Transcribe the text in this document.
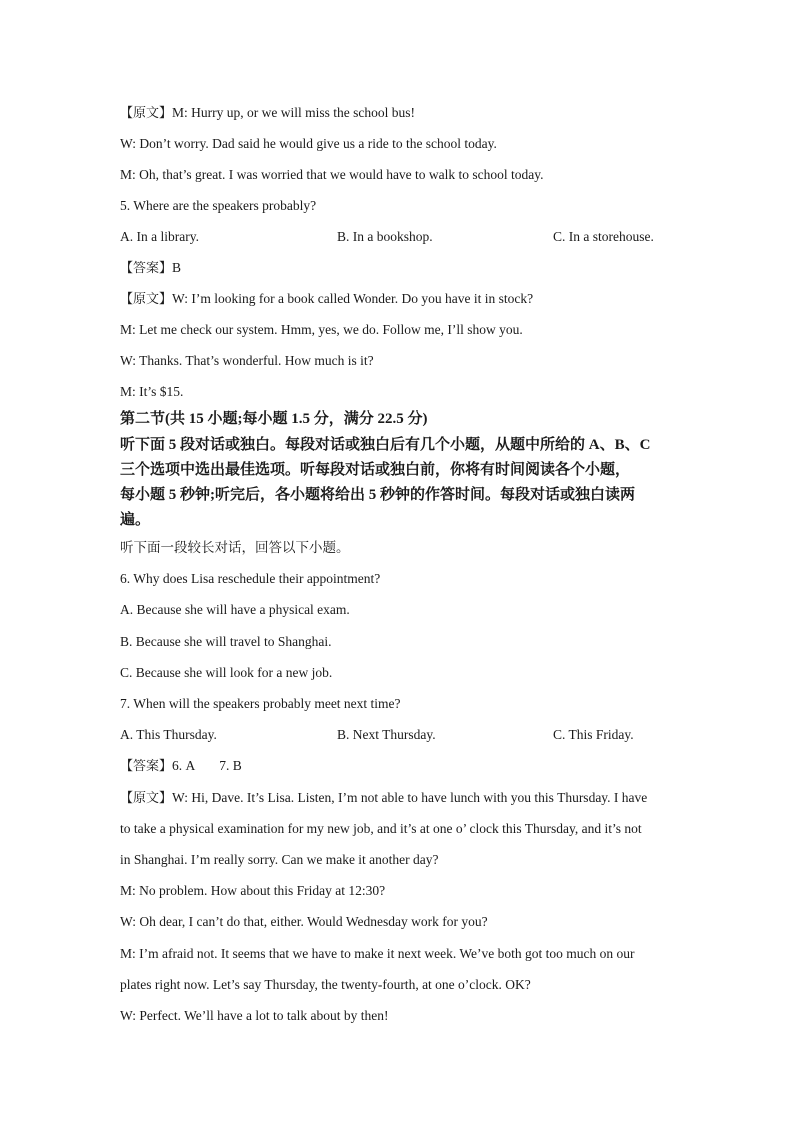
【原文】M: Hurry up, or we will miss the school bus!
W: Don’t worry. Dad said he would give us a ride to the school today.
M: Oh, that’s great. I was worried that we would have to walk to school today.
5. Where are the speakers probably?
A. In a library.	B. In a bookshop.	C. In a storehouse.
【答案】B
【原文】W: I’m looking for a book called Wonder. Do you have it in stock?
M: Let me check our system. Hmm, yes, we do. Follow me, I’ll show you.
W: Thanks. That’s wonderful. How much is it?
M: It’s $15.
第二节(共 15 小题;每小题 1.5 分，满分 22.5 分)
听下面 5 段对话或独白。每段对话或独白后有几个小题，从题中所给的 A、B、C
三个选项中选出最佳选项。听每段对话或独白前，你将有时间阅读各个小题，
每小题 5 秒钟;听完后，各小题将给出 5 秒钟的作答时间。每段对话或独白读两
遍。
听下面一段较长对话，回答以下小题。
6. Why does Lisa reschedule their appointment?
A. Because she will have a physical exam.
B. Because she will travel to Shanghai.
C. Because she will look for a new job.
7. When will the speakers probably meet next time?
A. This Thursday.	B. Next Thursday.	C. This Friday.
【答案】6. A 7. B
【原文】W: Hi, Dave. It’s Lisa. Listen, I’m not able to have lunch with you this Thursday. I have
to take a physical examination for my new job, and it’s at one o’ clock this Thursday, and it’s not
in Shanghai. I’m really sorry. Can we make it another day?
M: No problem. How about this Friday at 12:30?
W: Oh dear, I can’t do that, either. Would Wednesday work for you?
M: I’m afraid not. It seems that we have to make it next week. We’ve both got too much on our
plates right now. Let’s say Thursday, the twenty-fourth, at one o’clock. OK?
W: Perfect. We’ll have a lot to talk about by then!
